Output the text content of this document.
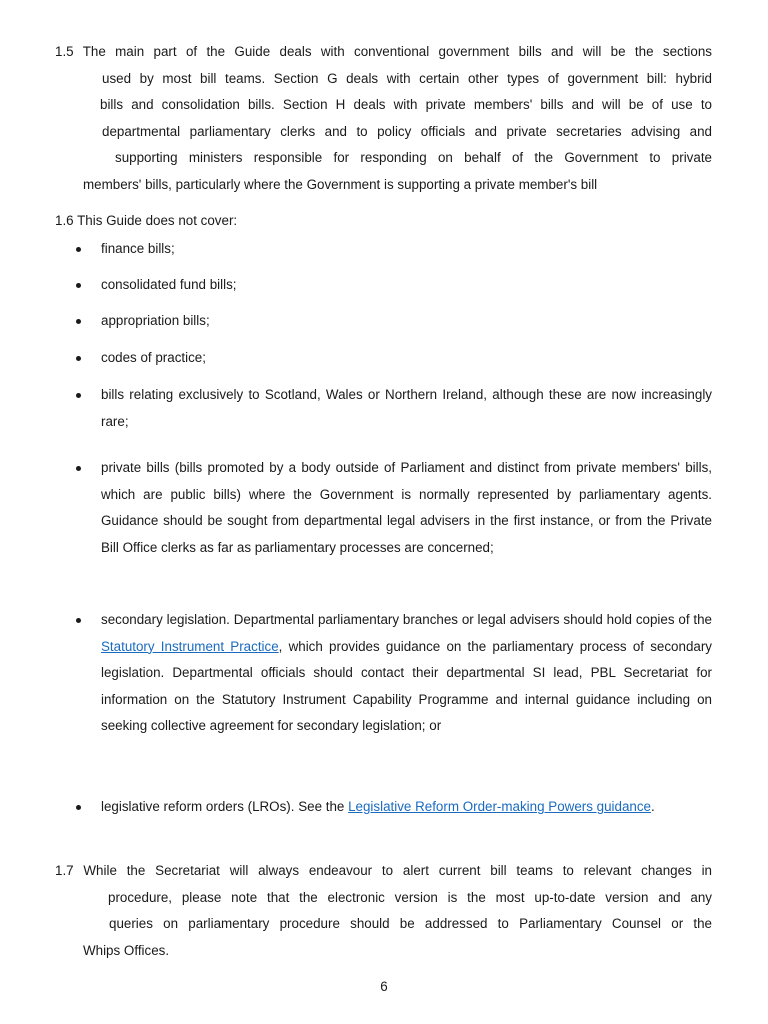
1.5 The main part of the Guide deals with conventional government bills and will be the sections
used by most bill teams. Section G deals with certain other types of government bill: hybrid
bills and consolidation bills. Section H deals with private members' bills and will be of use to
departmental parliamentary clerks and to policy officials and private secretaries advising and
supporting ministers responsible for responding on behalf of the Government to private
members' bills, particularly where the Government is supporting a private member's bill
1.6 This Guide does not cover:
finance bills;
consolidated fund bills;
appropriation bills;
codes of practice;
bills relating exclusively to Scotland, Wales or Northern Ireland, although these are now increasingly rare;
private bills (bills promoted by a body outside of Parliament and distinct from private members' bills, which are public bills) where the Government is normally represented by parliamentary agents. Guidance should be sought from departmental legal advisers in the first instance, or from the Private Bill Office clerks as far as parliamentary processes are concerned;
secondary legislation. Departmental parliamentary branches or legal advisers should hold copies of the Statutory Instrument Practice, which provides guidance on the parliamentary process of secondary legislation. Departmental officials should contact their departmental SI lead, PBL Secretariat for information on the Statutory Instrument Capability Programme and internal guidance including on seeking collective agreement for secondary legislation; or
legislative reform orders (LROs). See the Legislative Reform Order-making Powers guidance.
1.7 While the Secretariat will always endeavour to alert current bill teams to relevant changes in
procedure, please note that the electronic version is the most up-to-date version and any
queries on parliamentary procedure should be addressed to Parliamentary Counsel or the
Whips Offices.
6
